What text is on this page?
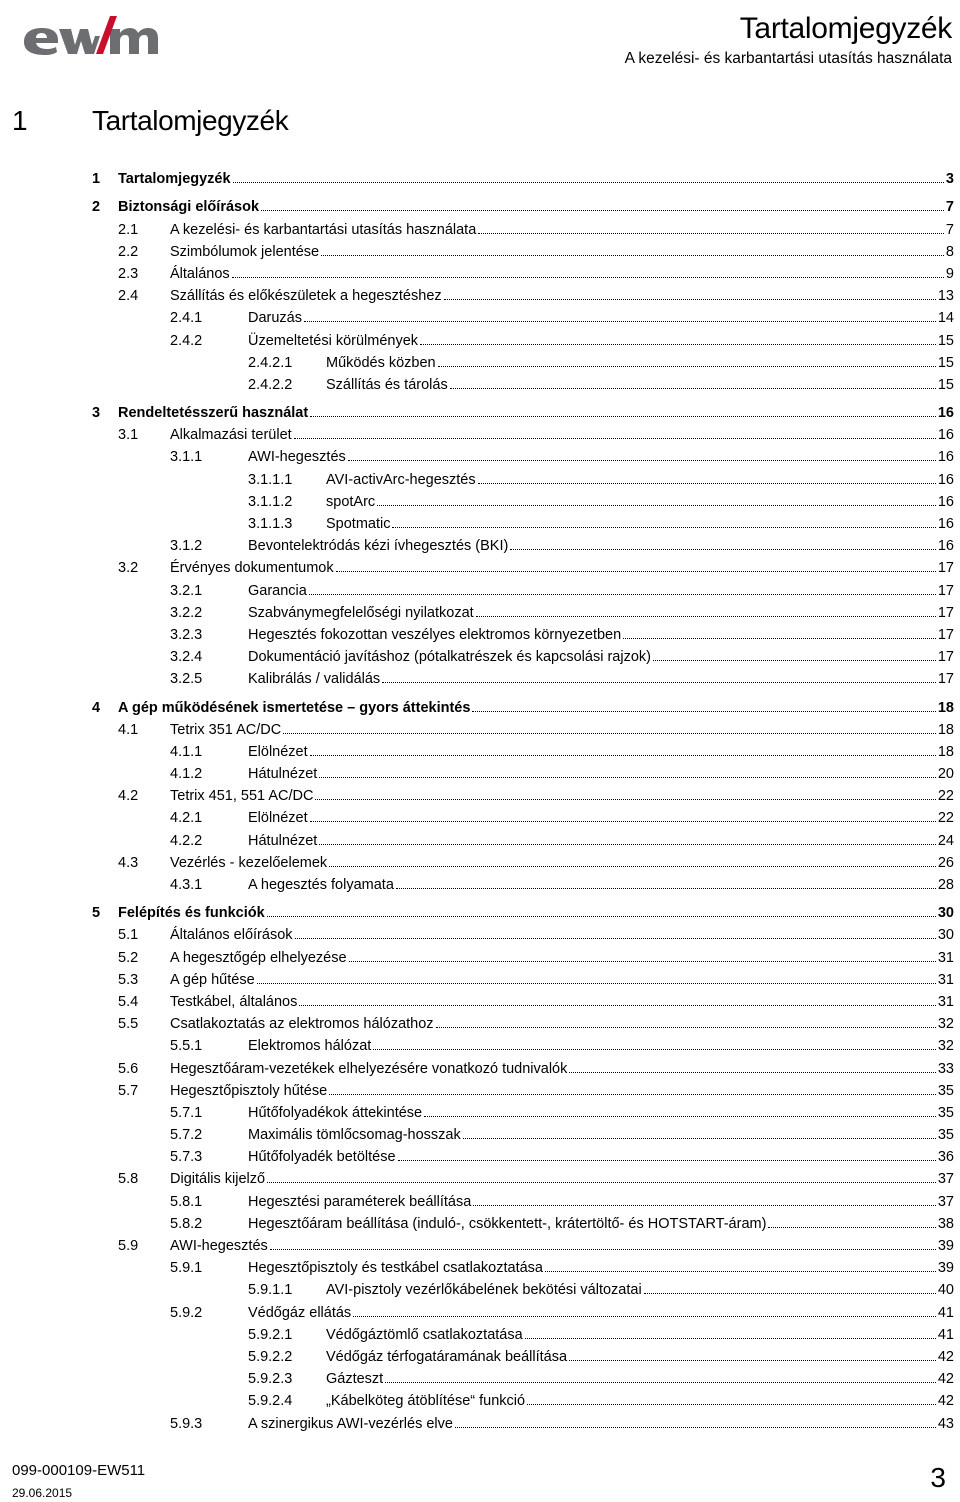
Tartalomjegyzék
A kezelési- és karbantartási utasítás használata
1 Tartalomjegyzék
1 Tartalomjegyzék	3
2 Biztonsági előírások	7
2.1 A kezelési- és karbantartási utasítás használata	7
2.2 Szimbólumok jelentése	8
2.3 Általános	9
2.4 Szállítás és előkészületek a hegesztéshez	13
2.4.1	Daruzás	14
2.4.2	Üzemeltetési körülmények	15
2.4.2.1 Működés közben	15
2.4.2.2 Szállítás és tárolás	15
3 Rendeltetésszerű használat	16
3.1 Alkalmazási terület	16
3.1.1	AWI-hegesztés	16
3.1.1.1 AVI-activArc-hegesztés	16
3.1.1.2 spotArc	16
3.1.1.3 Spotmatic	16
3.1.2	Bevontelektródás kézi ívhegesztés (BKI)	16
3.2 Érvényes dokumentumok	17
3.2.1	Garancia	17
3.2.2	Szabványmegfelelőségi nyilatkozat	17
3.2.3	Hegesztés fokozottan veszélyes elektromos környezetben	17
3.2.4	Dokumentáció javításhoz (pótalkatrészek és kapcsolási rajzok)	17
3.2.5	Kalibrálás / validálás	17
4 A gép működésének ismertetése – gyors áttekintés	18
4.1 Tetrix 351 AC/DC	18
4.1.1	Elölnézet	18
4.1.2	Hátulnézet	20
4.2 Tetrix 451, 551 AC/DC	22
4.2.1	Elölnézet	22
4.2.2	Hátulnézet	24
4.3 Vezérlés - kezelőelemek	26
4.3.1	A hegesztés folyamata	28
5 Felépítés és funkciók	30
5.1 Általános előírások	30
5.2 A hegesztőgép elhelyezése	31
5.3 A gép hűtése	31
5.4 Testkábel, általános	31
5.5 Csatlakoztatás az elektromos hálózathoz	32
5.5.1	Elektromos hálózat	32
5.6 Hegesztőáram-vezetékek elhelyezésére vonatkozó tudnivalók	33
5.7 Hegesztőpisztoly hűtése	35
5.7.1	Hűtőfolyadékok áttekintése	35
5.7.2	Maximális tömlőcsomag-hosszak	35
5.7.3	Hűtőfolyadék betöltése	36
5.8 Digitális kijelző	37
5.8.1	Hegesztési paraméterek beállítása	37
5.8.2	Hegesztőáram beállítása (induló-, csökkentett-, krátertöltő- és HOTSTART-áram)	38
5.9 AWI-hegesztés	39
5.9.1	Hegesztőpisztoly és testkábel csatlakoztatása	39
5.9.1.1 AVI-pisztoly vezérlőkábelének bekötési változatai	40
5.9.2	Védőgáz ellátás	41
5.9.2.1 Védőgáztömlő csatlakoztatása	41
5.9.2.2 Védőgáz térfogatáramának beállítása	42
5.9.2.3 Gázteszt	42
5.9.2.4 „Kábelköteg átöblítése“ funkció	42
5.9.3	A szinergikus AWI-vezérlés elve	43
099-000109-EW511
29.06.2015	3
